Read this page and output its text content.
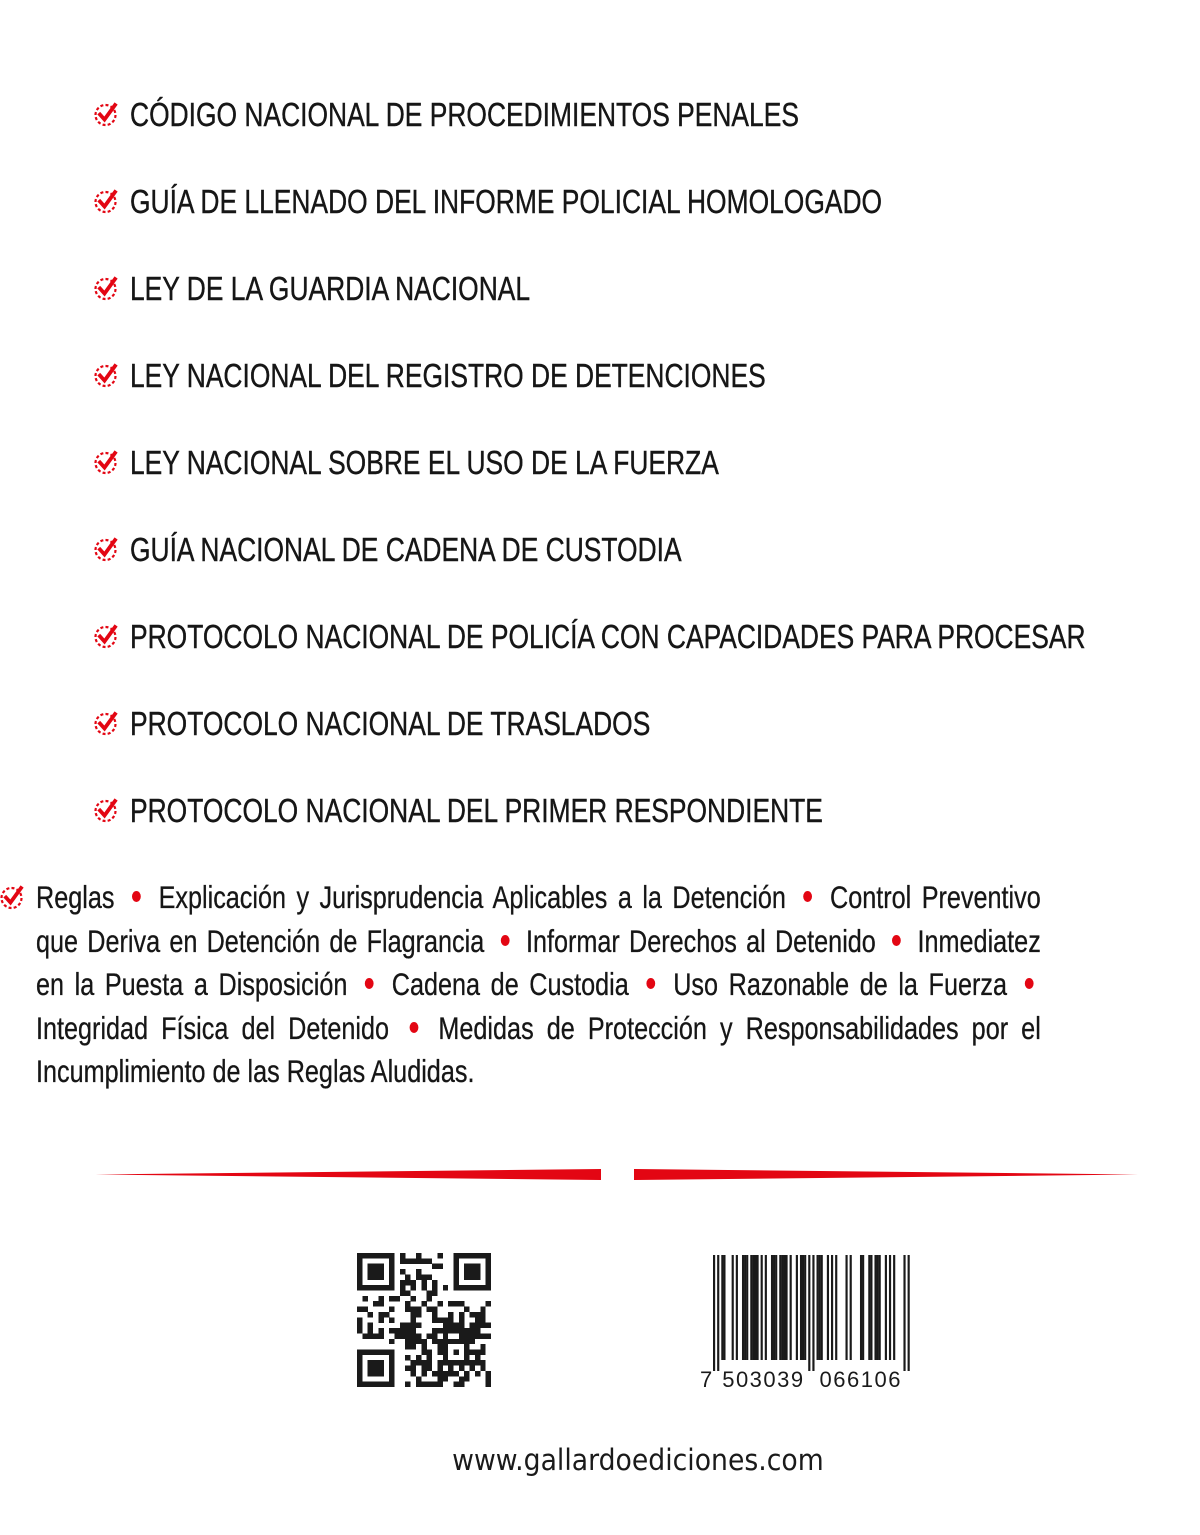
CÓDIGO NACIONAL DE PROCEDIMIENTOS PENALES
GUÍA DE LLENADO DEL INFORME POLICIAL HOMOLOGADO
LEY DE LA GUARDIA NACIONAL
LEY NACIONAL DEL REGISTRO DE DETENCIONES
LEY NACIONAL SOBRE EL USO DE LA FUERZA
GUÍA NACIONAL DE CADENA DE CUSTODIA
PROTOCOLO NACIONAL DE POLICÍA CON CAPACIDADES PARA PROCESAR
PROTOCOLO NACIONAL DE TRASLADOS
PROTOCOLO NACIONAL DEL PRIMER RESPONDIENTE
Reglas Explicación y Jurisprudencia Aplicables a la Detención Control Preventivo que Deriva en Detención de Flagrancia Informar Derechos al Detenido Inmediatez en la Puesta a Disposición Cadena de Custodia Uso Razonable de la Fuerza  Integridad Física del Detenido Medidas de Protección y Responsabilidades por el Incumplimiento de las Reglas Aludidas.
7 503039 066106
www.gallardoediciones.com
